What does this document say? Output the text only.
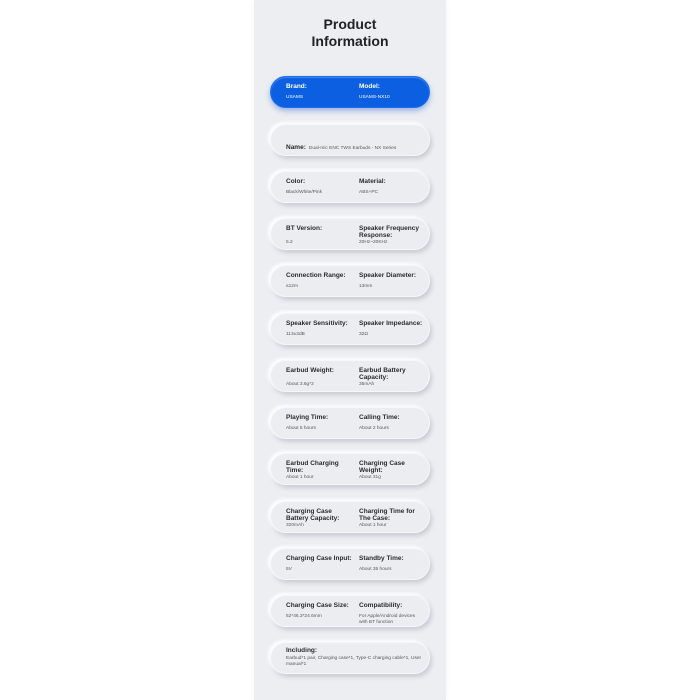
Product
Information
Brand:
USAMS
Model:
USAMS-NX10
Name: Dual-mic ENC TWS Earbuds - NX Series
Color:
Black/White/Pink
Material:
ABS+PC
BT Version:
5.2
Speaker Frequency Response:
20Hz~20KHz
Connection Range:
≤12m
Speaker Diameter:
13mm
Speaker Sensitivity:
113±3dB
Speaker Impedance:
32Ω
Earbud Weight:
About 3.6g*2
Earbud Battery Capacity:
35mAh
Playing Time:
About 5 hours
Calling Time:
About 2 hours
Earbud Charging Time:
About 1 hour
Charging Case Weight:
About 31g
Charging Case Battery Capacity:
320mAh
Charging Time for The Case:
About 1 hour
Charging Case Input:
5V
Standby Time:
About 35 hours
Charging Case Size:
52*46.3*24.6mm
Compatibility:
For Apple/Android devices with BT function
Including:
Earbud*1 pair, Charging case*1, Type-C charging cable*1, User manual*1
